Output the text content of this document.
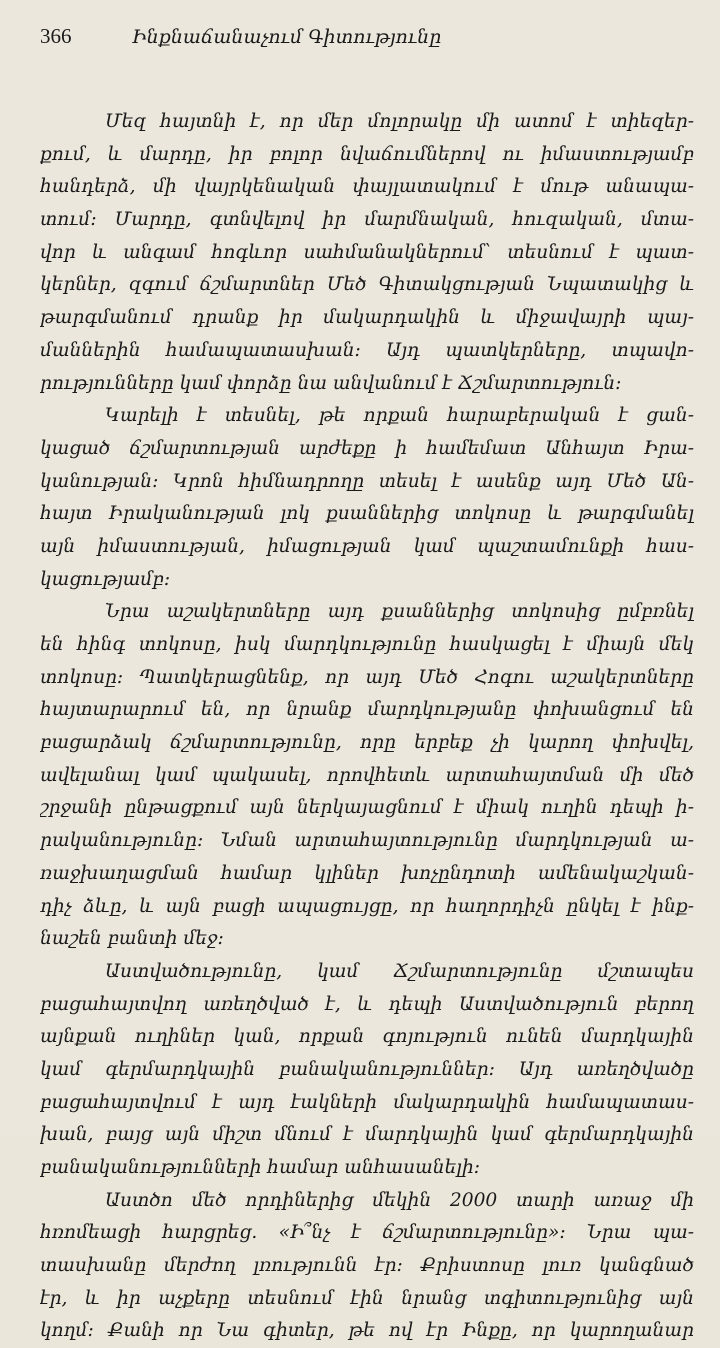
366	Ինքնաճանաչում Գիտությունը
Մեզ հայտնի է, որ մեր մոլորակը մի ատոմ է տիեզեր-
քում, և մարդը, իր բոլոր նվաճումներով ու իմաստությամբ
հանդերձ, մի վայրկենական փայլատակում է մութ անապա-
տում: Մարդը, գտնվելով իր մարմնական, հուզական, մտա-
վոր և անգամ հոգևոր սահմանակներում՝ տեսնում է պատ-
կերներ, զգում ճշմարտներ Մեծ Գիտակցության Նպատակից և
թարգմանում դրանք իր մակարդակին և միջավայրի պայ-
մաններին համապատասխան: Այդ պատկերները, տպավո-
րությունները կամ փորձը նա անվանում է Ճշմարտություն:
Կարելի է տեսնել, թե որքան հարաբերական է ցան-
կացած ճշմարտության արժեքը ի համեմատ Անհայտ Իրա-
կանության: Կրոն հիմնադրողը տեսել է ասենք այդ Մեծ Ան-
հայտ Իրականության լոկ քսաններից տոկոսը և թարգմանել
այն իմաստության, իմացության կամ պաշտամունքի հաս-
կացությամբ:
Նրա աշակերտները այդ քսաններից տոկոսից ըմբռնել
են հինգ տոկոսը, իսկ մարդկությունը հասկացել է միայն մեկ
տոկոսը: Պատկերացնենք, որ այդ Մեծ Հոգու աշակերտները
հայտարարում են, որ նրանք մարդկությանը փոխանցում են
բացարձակ ճշմարտությունը, որը երբեք չի կարող փոխվել,
ավելանալ կամ պակասել, որովհետև արտահայտման մի մեծ
շրջանի ընթացքում այն ներկայացնում է միակ ուղին դեպի ի-
րականությունը: Նման արտահայտությունը մարդկության ա-
ռաջխաղացման համար կլիներ խոչընդոտի ամենակաշկան-
դիչ ձևը, և այն բացի ապացույցը, որ հաղորդիչն ընկել է ինք-
նաշեն բանտի մեջ:
Աստվածությունը, կամ Ճշմարտությունը մշտապես
բացահայտվող առեղծված է, և դեպի Աստվածություն բերող
այնքան ուղիներ կան, որքան գոյություն ունեն մարդկային
կամ գերմարդկային բանականություններ: Այդ առեղծվածը
բացահայտվում է այդ էակների մակարդակին համապատաս-
խան, բայց այն միշտ մնում է մարդկային կամ գերմարդկային
բանականությունների համար անհասանելի:
Աստծո մեծ որդիներից մեկին 2000 տարի առաջ մի
հռոմեացի հարցրեց. «Ի՞նչ է ճշմարտությունը»: Նրա պա-
տասխանը մերժող լռությունն էր: Քրիստոսը լուռ կանգնած
էր, և իր աչքերը տեսնում էին նրանց տգիտությունից այն
կողմ: Քանի որ Նա գիտեր, թե ով էր Ինքը, որ կարողանար
